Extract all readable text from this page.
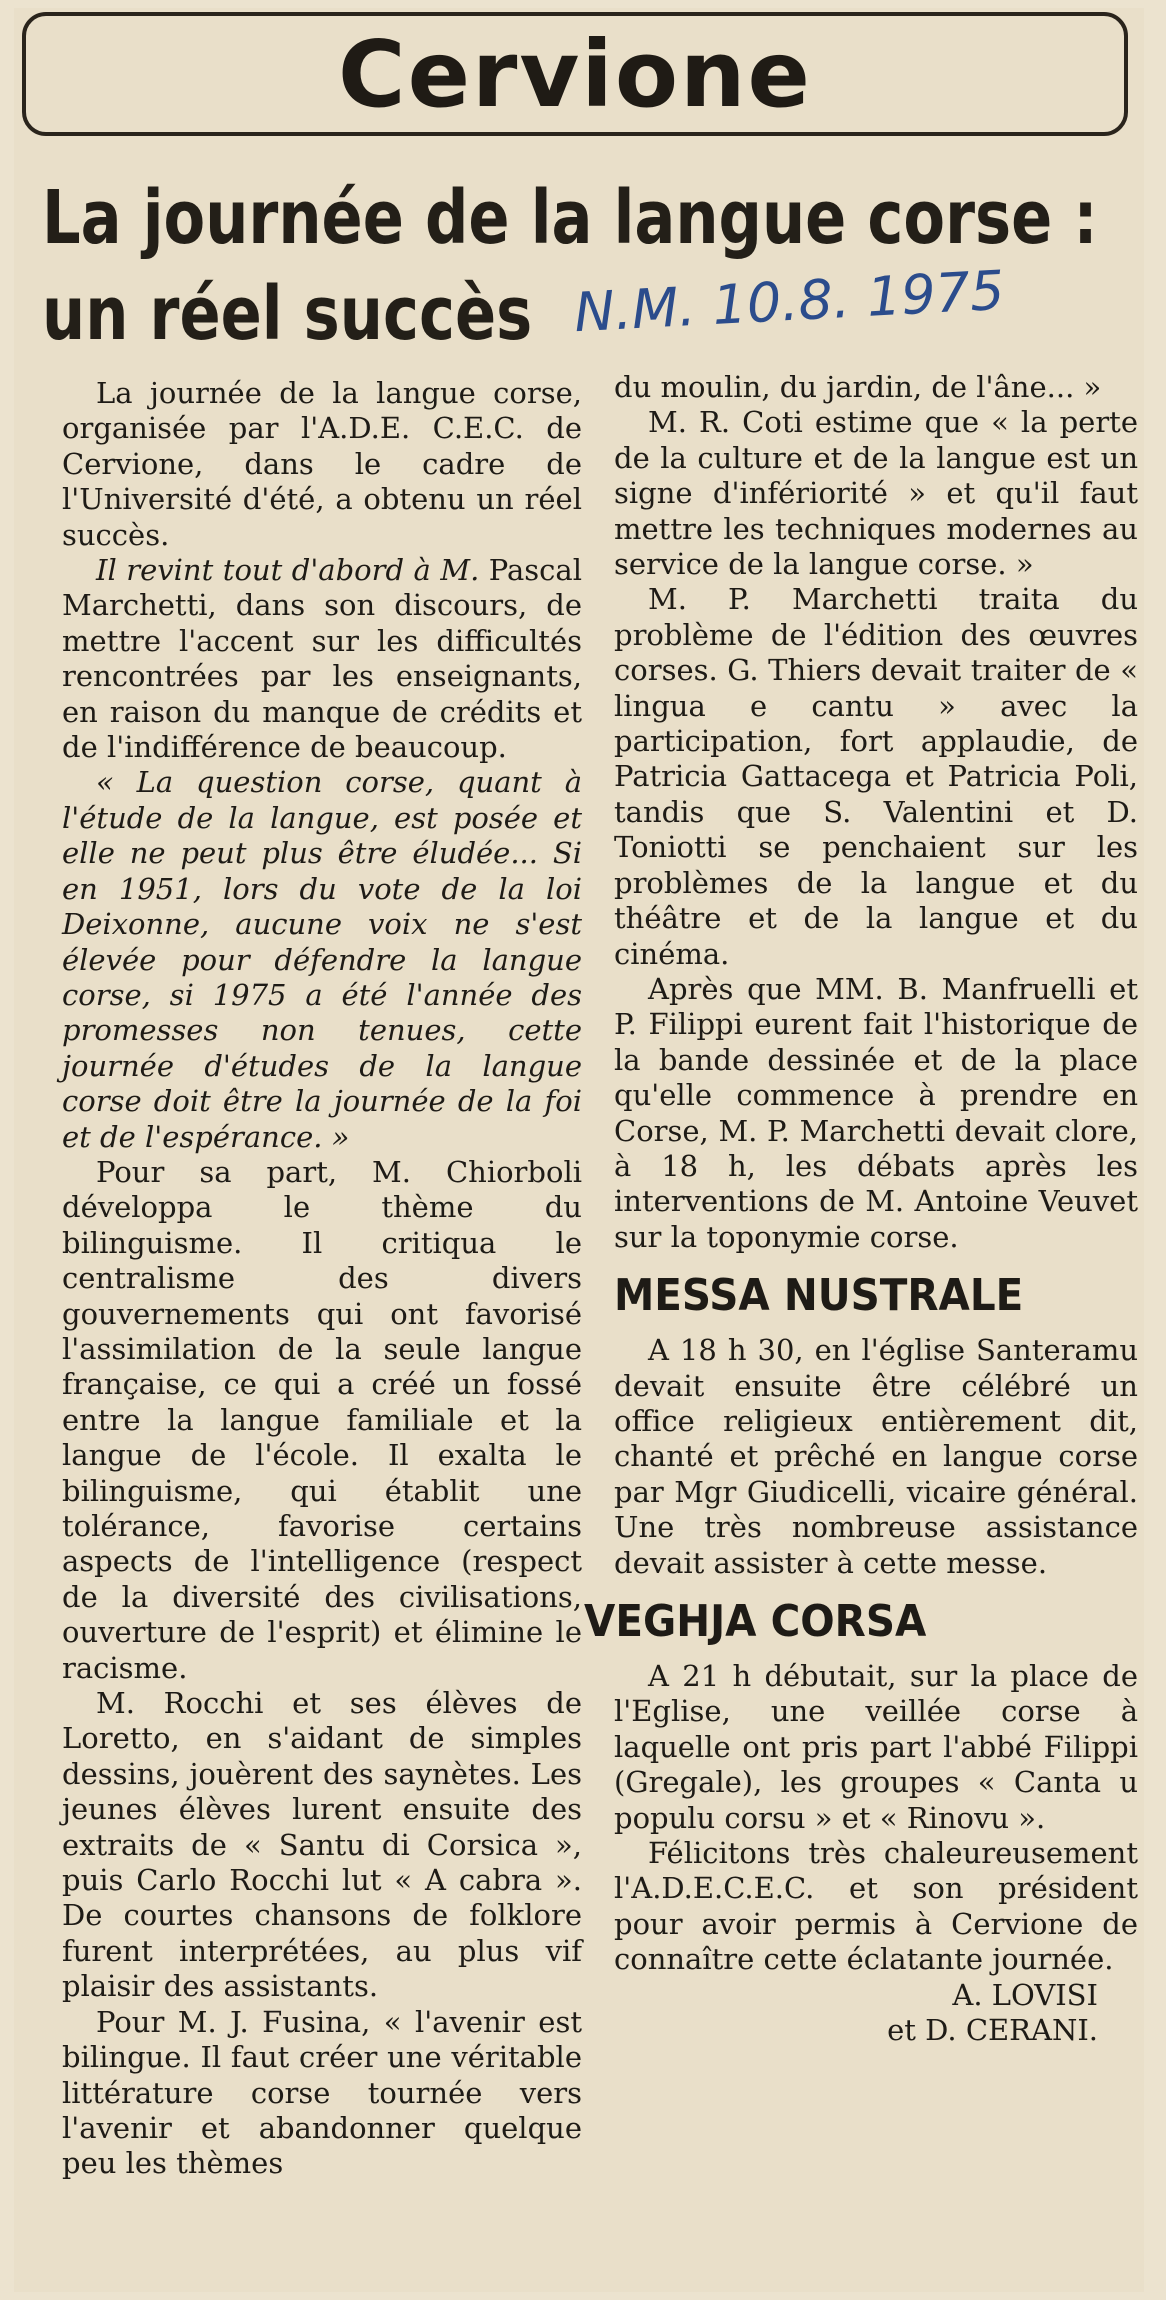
Cervione
La journée de la langue corse :
un réel succès N.M. 10.8. 1975

La journée de la langue corse, organisée par l'A.D.E. C.E.C. de Cervione, dans le cadre de l'Université d'été, a obtenu un réel succès.

Il revint tout d'abord à M. Pascal Marchetti, dans son discours, de mettre l'accent sur les difficultés rencontrées par les enseignants, en raison du manque de crédits et de l'indifférence de beaucoup.

« La question corse, quant à l'étude de la langue, est posée et elle ne peut plus être éludée... Si en 1951, lors du vote de la loi Deixonne, aucune voix ne s'est élevée pour défendre la langue corse, si 1975 a été l'année des promesses non tenues, cette journée d'études de la langue corse doit être la journée de la foi et de l'espérance. »

Pour sa part, M. Chiorboli développa le thème du bilinguisme. Il critiqua le centralisme des divers gouvernements qui ont favorisé l'assimilation de la seule langue française, ce qui a créé un fossé entre la langue familiale et la langue de l'école. Il exalta le bilinguisme, qui établit une tolérance, favorise certains aspects de l'intelligence (respect de la diversité des civilisations, ouverture de l'esprit) et élimine le racisme.

M. Rocchi et ses élèves de Loretto, en s'aidant de simples dessins, jouèrent des saynètes. Les jeunes élèves lurent ensuite des extraits de « Santu di Corsica », puis Carlo Rocchi lut « A cabra ». De courtes chansons de folklore furent interprétées, au plus vif plaisir des assistants.

Pour M. J. Fusina, « l'avenir est bilingue. Il faut créer une véritable littérature corse tournée vers l'avenir et abandonner quelque peu les thèmes

du moulin, du jardin, de l'âne... »

M. R. Coti estime que « la perte de la culture et de la langue est un signe d'infériorité » et qu'il faut mettre les techniques modernes au service de la langue corse. »

M. P. Marchetti traita du problème de l'édition des œuvres corses. G. Thiers devait traiter de « lingua e cantu » avec la participation, fort applaudie, de Patricia Gattacega et Patricia Poli, tandis que S. Valentini et D. Toniotti se penchaient sur les problèmes de la langue et du théâtre et de la langue et du cinéma.

Après que MM. B. Manfruelli et P. Filippi eurent fait l'historique de la bande dessinée et de la place qu'elle commence à prendre en Corse, M. P. Marchetti devait clore, à 18 h, les débats après les interventions de M. Antoine Veuvet sur la toponymie corse.

MESSA NUSTRALE

A 18 h 30, en l'église Santeramu devait ensuite être célébré un office religieux entièrement dit, chanté et prêché en langue corse par Mgr Giudicelli, vicaire général. Une très nombreuse assistance devait assister à cette messe.

VEGHJA CORSA

A 21 h débutait, sur la place de l'Eglise, une veillée corse à laquelle ont pris part l'abbé Filippi (Gregale), les groupes « Canta u populu corsu » et « Rinovu ».

Félicitons très chaleureusement l'A.D.E.C.E.C. et son président pour avoir permis à Cervione de connaître cette éclatante journée.

A. LOVISI
et D. CERANI.
